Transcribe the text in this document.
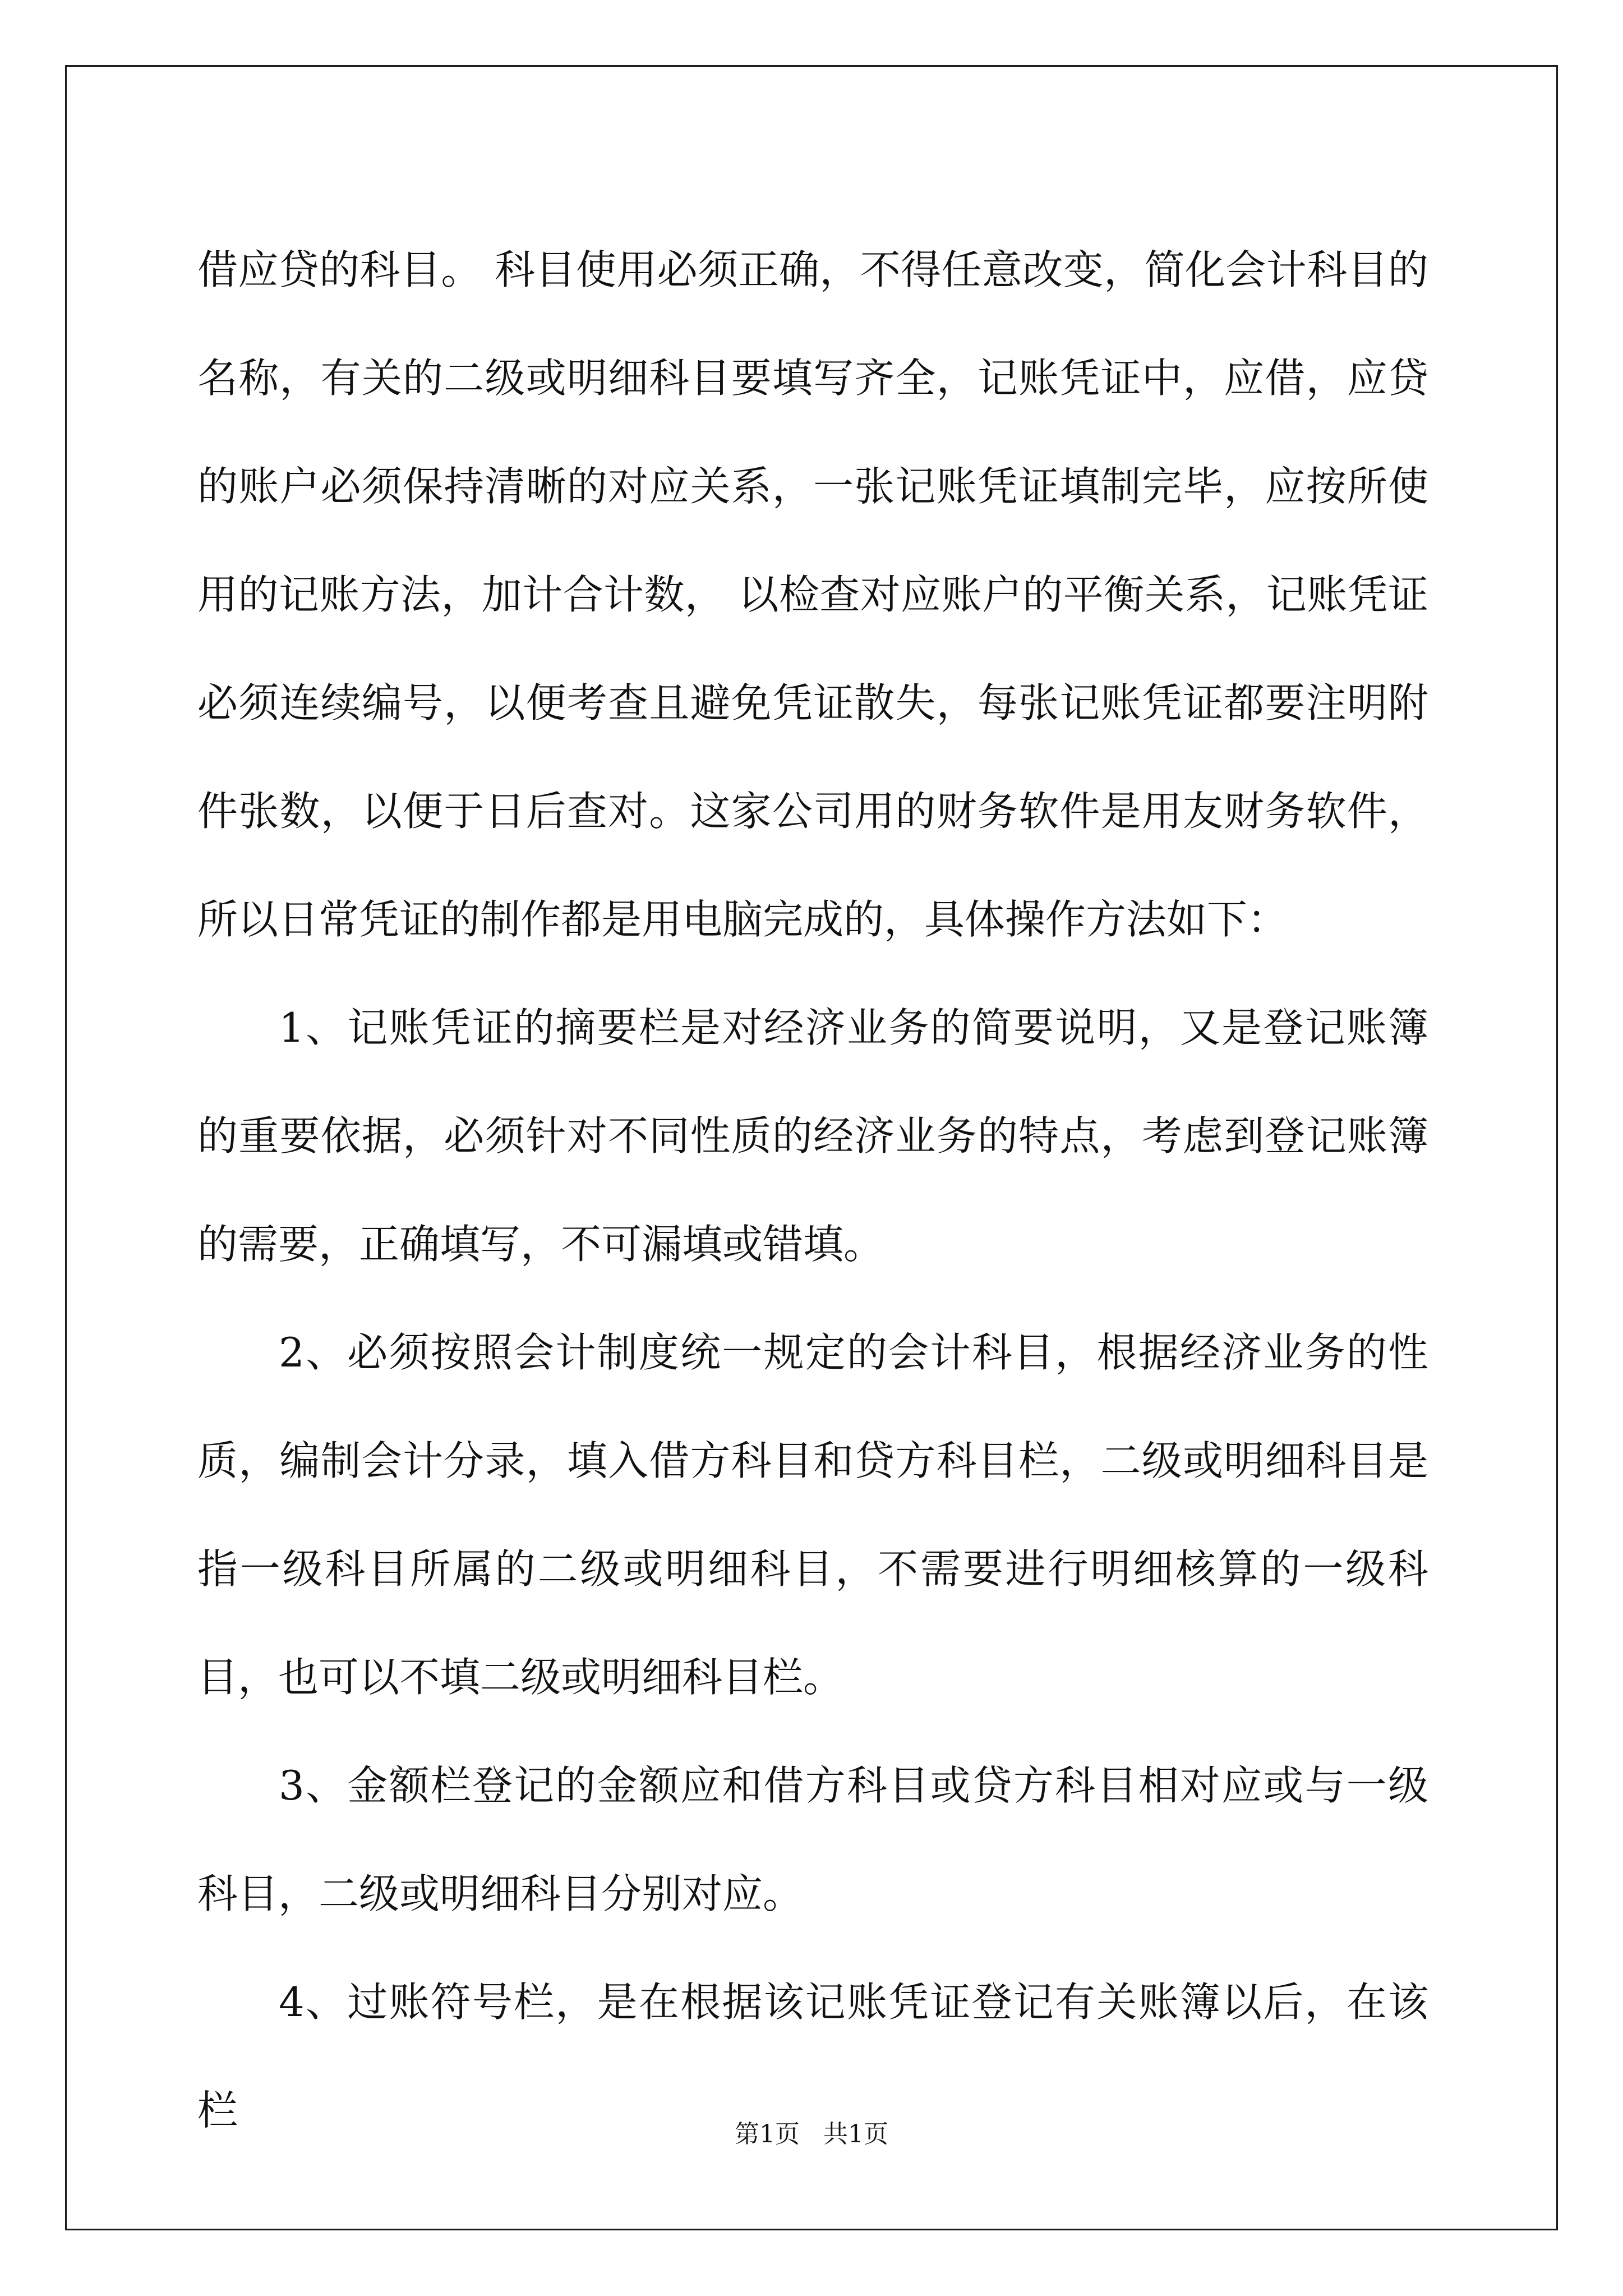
借应贷的科目。 科目使用必须正确，不得任意改变，简化会计科目的名称，有关的二级或明细科目要填写齐全，记账凭证中，应借，应贷的账户必须保持清晰的对应关系，一张记账凭证填制完毕，应按所使用的记账方法，加计合计数， 以检查对应账户的平衡关系，记账凭证必须连续编号，以便考查且避免凭证散失，每张记账凭证都要注明附件张数，以便于日后查对。这家公司用的财务软件是用友财务软件，所以日常凭证的制作都是用电脑完成的，具体操作方法如下：

1、记账凭证的摘要栏是对经济业务的简要说明，又是登记账簿的重要依据，必须针对不同性质的经济业务的特点，考虑到登记账簿的需要，正确填写，不可漏填或错填。

2、必须按照会计制度统一规定的会计科目，根据经济业务的性质，编制会计分录，填入借方科目和贷方科目栏，二级或明细科目是指一级科目所属的二级或明细科目，不需要进行明细核算的一级科目，也可以不填二级或明细科目栏。

3、金额栏登记的金额应和借方科目或贷方科目相对应或与一级科目，二级或明细科目分别对应。

4、过账符号栏，是在根据该记账凭证登记有关账簿以后，在该栏

第1页   共1页
